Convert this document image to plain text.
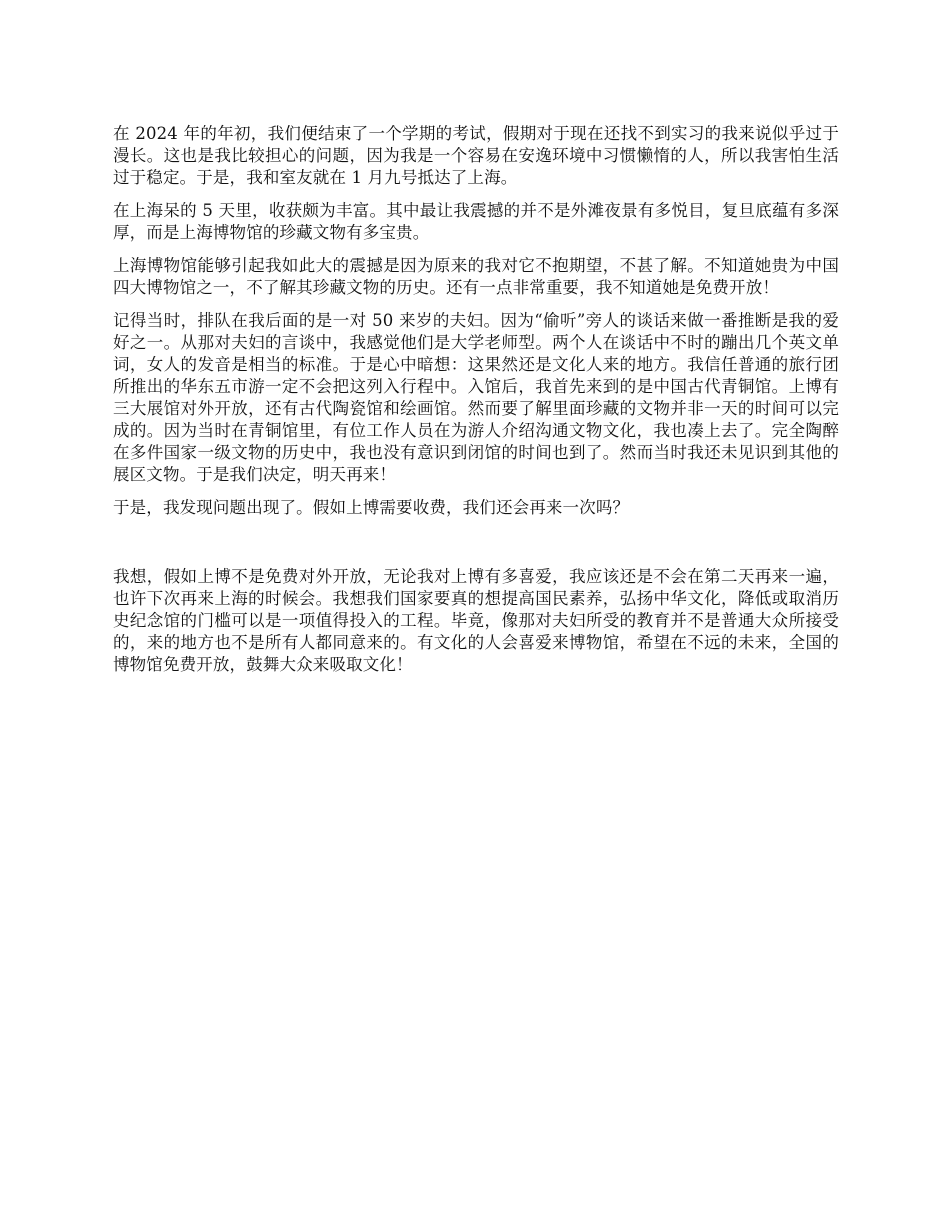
在 2024 年的年初，我们便结束了一个学期的考试，假期对于现在还找不到实习的我来说似乎过于漫长。这也是我比较担心的问题，因为我是一个容易在安逸环境中习惯懒惰的人，所以我害怕生活过于稳定。于是，我和室友就在 1 月九号抵达了上海。

在上海呆的 5 天里，收获颇为丰富。其中最让我震撼的并不是外滩夜景有多悦目，复旦底蕴有多深厚，而是上海博物馆的珍藏文物有多宝贵。

上海博物馆能够引起我如此大的震撼是因为原来的我对它不抱期望，不甚了解。不知道她贵为中国四大博物馆之一，不了解其珍藏文物的历史。还有一点非常重要，我不知道她是免费开放！

记得当时，排队在我后面的是一对 50 来岁的夫妇。因为“偷听”旁人的谈话来做一番推断是我的爱好之一。从那对夫妇的言谈中，我感觉他们是大学老师型。两个人在谈话中不时的蹦出几个英文单词，女人的发音是相当的标准。于是心中暗想：这果然还是文化人来的地方。我信任普通的旅行团所推出的华东五市游一定不会把这列入行程中。入馆后，我首先来到的是中国古代青铜馆。上博有三大展馆对外开放，还有古代陶瓷馆和绘画馆。然而要了解里面珍藏的文物并非一天的时间可以完成的。因为当时在青铜馆里，有位工作人员在为游人介绍沟通文物文化，我也凑上去了。完全陶醉在多件国家一级文物的历史中，我也没有意识到闭馆的时间也到了。然而当时我还未见识到其他的展区文物。于是我们决定，明天再来！

于是，我发现问题出现了。假如上博需要收费，我们还会再来一次吗？

我想，假如上博不是免费对外开放，无论我对上博有多喜爱，我应该还是不会在第二天再来一遍，也许下次再来上海的时候会。我想我们国家要真的想提高国民素养，弘扬中华文化，降低或取消历史纪念馆的门槛可以是一项值得投入的工程。毕竟，像那对夫妇所受的教育并不是普通大众所接受的，来的地方也不是所有人都同意来的。有文化的人会喜爱来博物馆，希望在不远的未来，全国的博物馆免费开放，鼓舞大众来吸取文化！
